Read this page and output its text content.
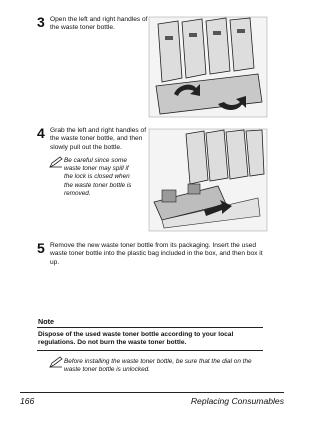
3 Open the left and right handles of the waste toner bottle.
4 Grab the left and right handles of the waste toner bottle, and then slowly pull out the bottle.
Be careful since some waste toner may spill if the lock is closed when the waste toner bottle is removed.
5 Remove the new waste toner bottle from its packaging. Insert the used waste toner bottle into the plastic bag included in the box, and then box it up.
Note
Dispose of the used waste toner bottle according to your local regulations. Do not burn the waste toner bottle.
Before installing the waste toner bottle, be sure that the dial on the waste toner bottle is unlocked.
166	Replacing Consumables
